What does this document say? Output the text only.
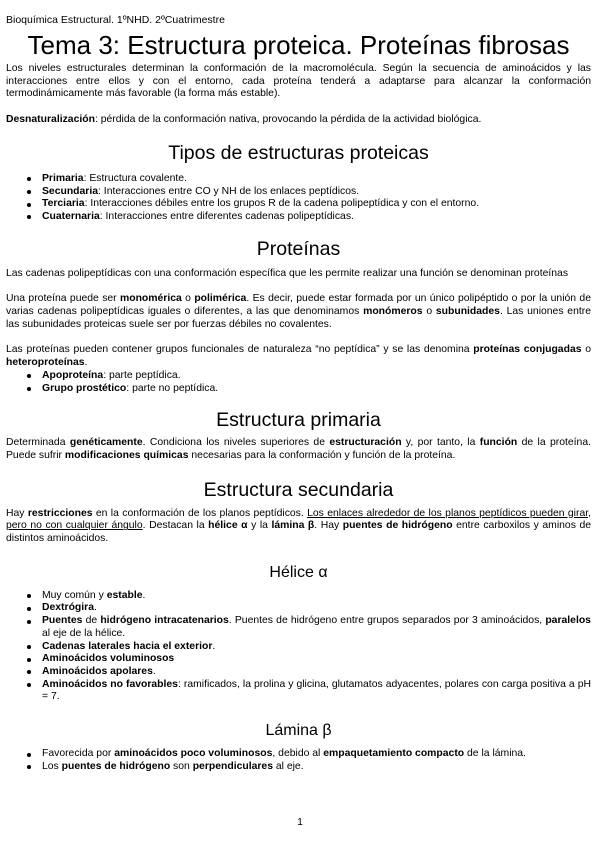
Bioquímica Estructural. 1ºNHD. 2ºCuatrimestre
Tema 3: Estructura proteica. Proteínas fibrosas

Los niveles estructurales determinan la conformación de la macromolécula. Según la secuencia de aminoácidos y las interacciones entre ellos y con el entorno, cada proteína tenderá a adaptarse para alcanzar la conformación termodinámicamente más favorable (la forma más estable).

Desnaturalización: pérdida de la conformación nativa, provocando la pérdida de la actividad biológica.

Tipos de estructuras proteicas
Primaria: Estructura covalente.
Secundaria: Interacciones entre CO y NH de los enlaces peptídicos.
Terciaria: Interacciones débiles entre los grupos R de la cadena polipeptídica y con el entorno.
Cuaternaria: Interacciones entre diferentes cadenas polipeptídicas.
Proteínas

Las cadenas polipeptídicas con una conformación específica que les permite realizar una función se denominan proteínas

Una proteína puede ser monomérica o polimérica. Es decir, puede estar formada por un único polipéptido o por la unión de varias cadenas polipeptídicas iguales o diferentes, a las que denominamos monómeros o subunidades. Las uniones entre las subunidades proteicas suele ser por fuerzas débiles no covalentes.

Las proteínas pueden contener grupos funcionales de naturaleza “no peptídica” y se las denomina proteínas conjugadas o heteroproteínas.

Apoproteína: parte peptídica.
Grupo prostético: parte no peptídica.
Estructura primaria

Determinada genéticamente. Condiciona los niveles superiores de estructuración y, por tanto, la función de la proteína. Puede sufrir modificaciones químicas necesarias para la conformación y función de la proteína.

Estructura secundaria

Hay restricciones en la conformación de los planos peptídicos. Los enlaces alrededor de los planos peptídicos pueden girar, pero no con cualquier ángulo. Destacan la hélice α y la lámina β. Hay puentes de hidrógeno entre carboxilos y aminos de distintos aminoácidos.

Hélice α
Muy común y estable.
Dextrógira.
Puentes de hidrógeno intracatenarios. Puentes de hidrógeno entre grupos separados por 3 aminoácidos, paralelos al eje de la hélice.
Cadenas laterales hacia el exterior.
Aminoácidos voluminosos
Aminoácidos apolares.
Aminoácidos no favorables: ramificados, la prolina y glicina, glutamatos adyacentes, polares con carga positiva a pH = 7.
Lámina β
Favorecida por aminoácidos poco voluminosos, debido al empaquetamiento compacto de la lámina.
Los puentes de hidrógeno son perpendiculares al eje.
1
